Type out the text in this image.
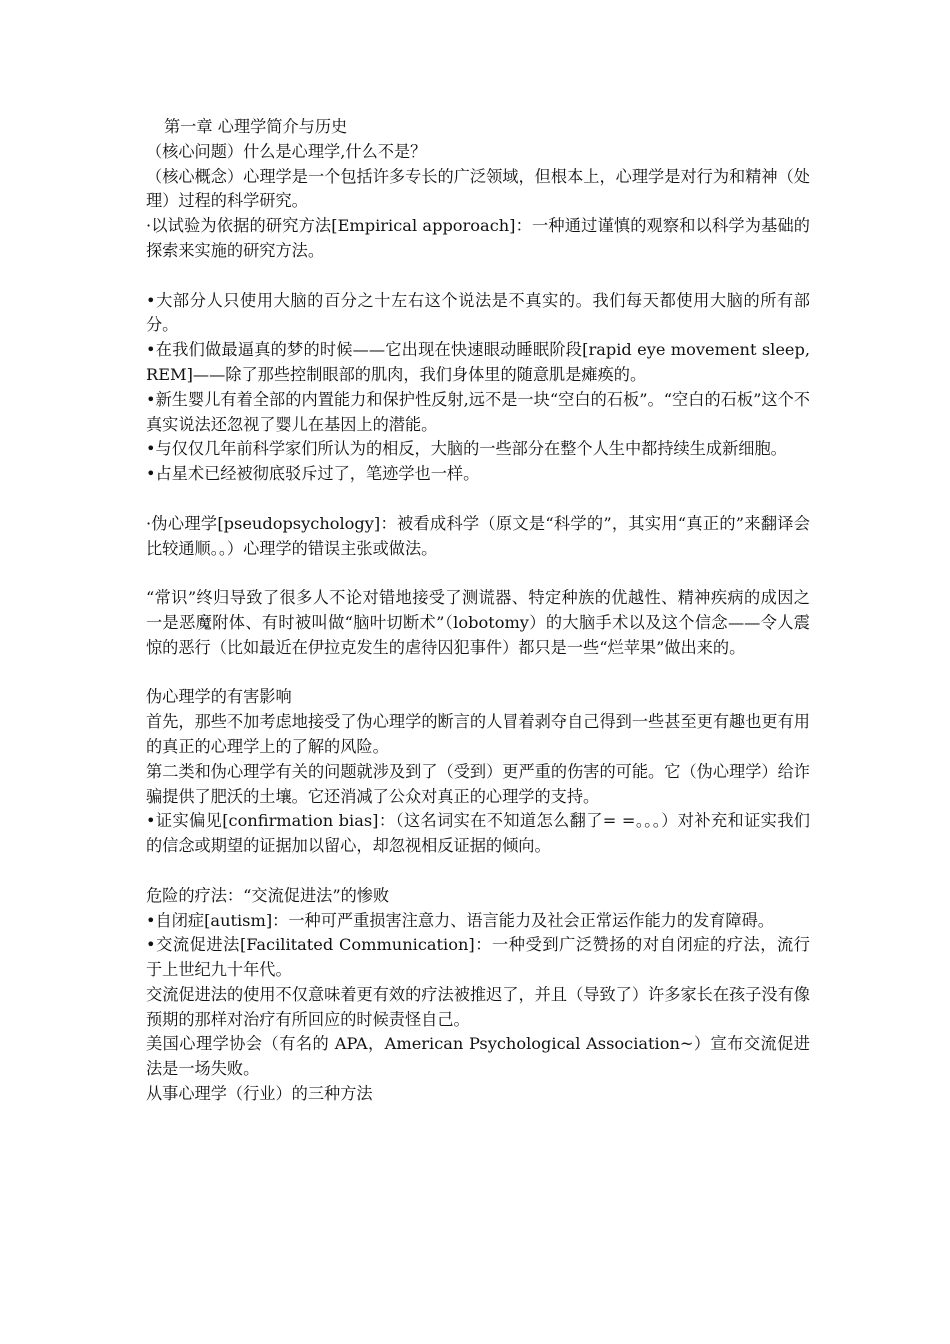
第一章 心理学简介与历史

（核心问题）什么是心理学,什么不是？

（核心概念）心理学是一个包括许多专长的广泛领域，但根本上，心理学是对行为和精神（处理）过程的科学研究。

·以试验为依据的研究方法[Empirical apporoach]：一种通过谨慎的观察和以科学为基础的探索来实施的研究方法。

•大部分人只使用大脑的百分之十左右这个说法是不真实的。我们每天都使用大脑的所有部分。

•在我们做最逼真的梦的时候——它出现在快速眼动睡眠阶段[rapid eye movement sleep, REM]——除了那些控制眼部的肌肉，我们身体里的随意肌是瘫痪的。

•新生婴儿有着全部的内置能力和保护性反射,远不是一块“空白的石板”。“空白的石板”这个不真实说法还忽视了婴儿在基因上的潜能。

•与仅仅几年前科学家们所认为的相反，大脑的一些部分在整个人生中都持续生成新细胞。

•占星术已经被彻底驳斥过了，笔迹学也一样。

·伪心理学[pseudopsychology]：被看成科学（原文是“科学的”，其实用“真正的”来翻译会比较通顺。。）心理学的错误主张或做法。

“常识”终归导致了很多人不论对错地接受了测谎器、特定种族的优越性、精神疾病的成因之一是恶魔附体、有时被叫做“脑叶切断术”（lobotomy）的大脑手术以及这个信念——令人震惊的恶行（比如最近在伊拉克发生的虐待囚犯事件）都只是一些“烂苹果”做出来的。

伪心理学的有害影响

首先，那些不加考虑地接受了伪心理学的断言的人冒着剥夺自己得到一些甚至更有趣也更有用的真正的心理学上的了解的风险。

第二类和伪心理学有关的问题就涉及到了（受到）更严重的伤害的可能。它（伪心理学）给诈骗提供了肥沃的土壤。它还消减了公众对真正的心理学的支持。

•证实偏见[confirmation bias]：（这名词实在不知道怎么翻了= =。。。）对补充和证实我们的信念或期望的证据加以留心，却忽视相反证据的倾向。

危险的疗法：“交流促进法”的惨败

•自闭症[autism]：一种可严重损害注意力、语言能力及社会正常运作能力的发育障碍。

•交流促进法[Facilitated Communication]：一种受到广泛赞扬的对自闭症的疗法，流行于上世纪九十年代。

交流促进法的使用不仅意味着更有效的疗法被推迟了，并且（导致了）许多家长在孩子没有像预期的那样对治疗有所回应的时候责怪自己。

美国心理学协会（有名的 APA，American Psychological Association~）宣布交流促进法是一场失败。

从事心理学（行业）的三种方法
